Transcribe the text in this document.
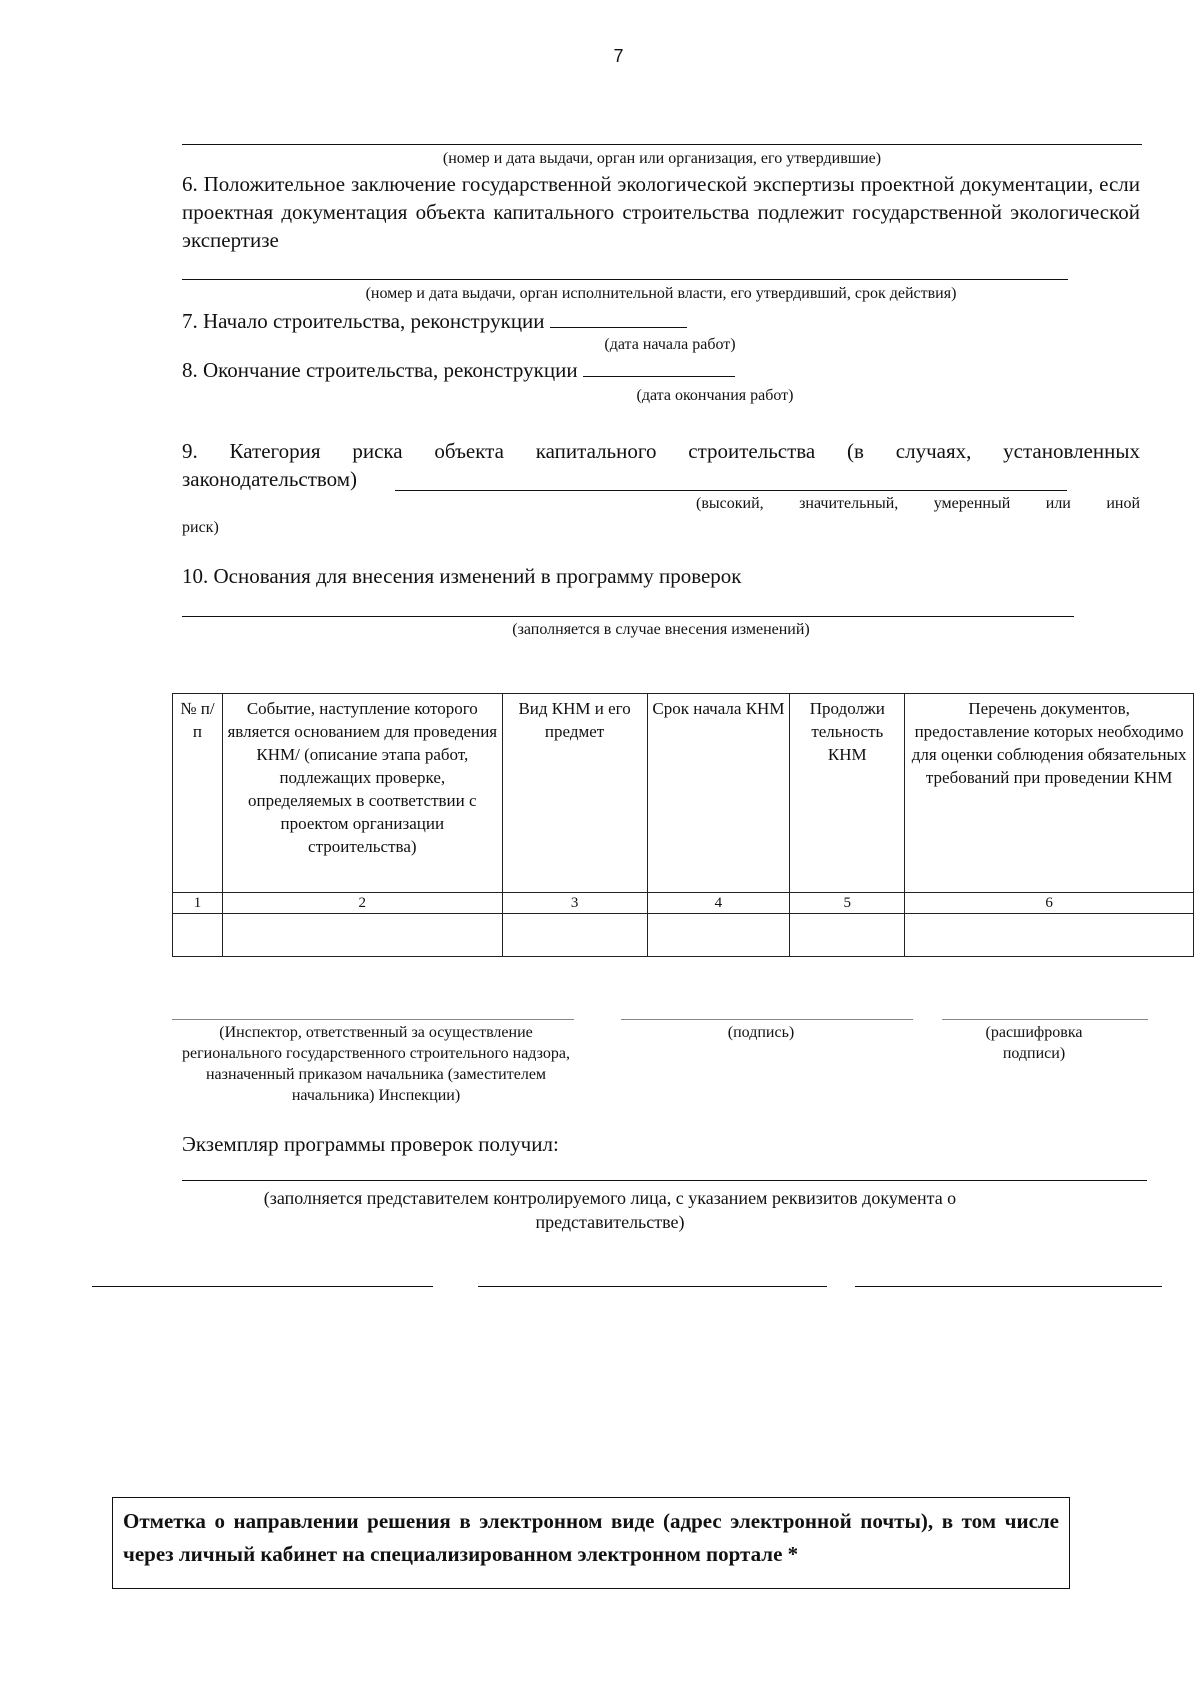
7
(номер и дата выдачи, орган или организация, его утвердившие)
6. Положительное заключение государственной экологической экспертизы проектной документации, если проектная документация объекта капитального строительства подлежит государственной экологической экспертизе
(номер и дата выдачи, орган исполнительной власти, его утвердивший, срок действия)
7. Начало строительства, реконструкции
(дата начала работ)
8. Окончание строительства, реконструкции
(дата окончания работ)
9. Категория риска объекта капитального строительства (в случаях, установленных
законодательством)
(высокий, значительный, умеренный или иной
риск)
10. Основания для внесения изменений в программу проверок
(заполняется в случае внесения изменений)
№ п/п	Событие, наступление которого является основанием для проведения КНМ/ (описание этапа работ, подлежащих проверке, определяемых в соответствии с проектом организации строительства)	Вид КНМ и его предмет	Срок начала КНМ	Продолжи тельность КНМ	Перечень документов, предоставление которых необходимо для оценки соблюдения обязательных требований при проведении КНМ
1	2	3	4	5	6

(Инспектор, ответственный за осуществление регионального государственного строительного надзора, назначенный приказом начальника (заместителем начальника) Инспекции)
(подпись)	(расшифровка подписи)
Экземпляр программы проверок получил:
(заполняется представителем контролируемого лица, с указанием реквизитов документа о представительстве)
Отметка о направлении решения в электронном виде (адрес электронной почты), в том числе через личный кабинет на специализированном электронном портале *
